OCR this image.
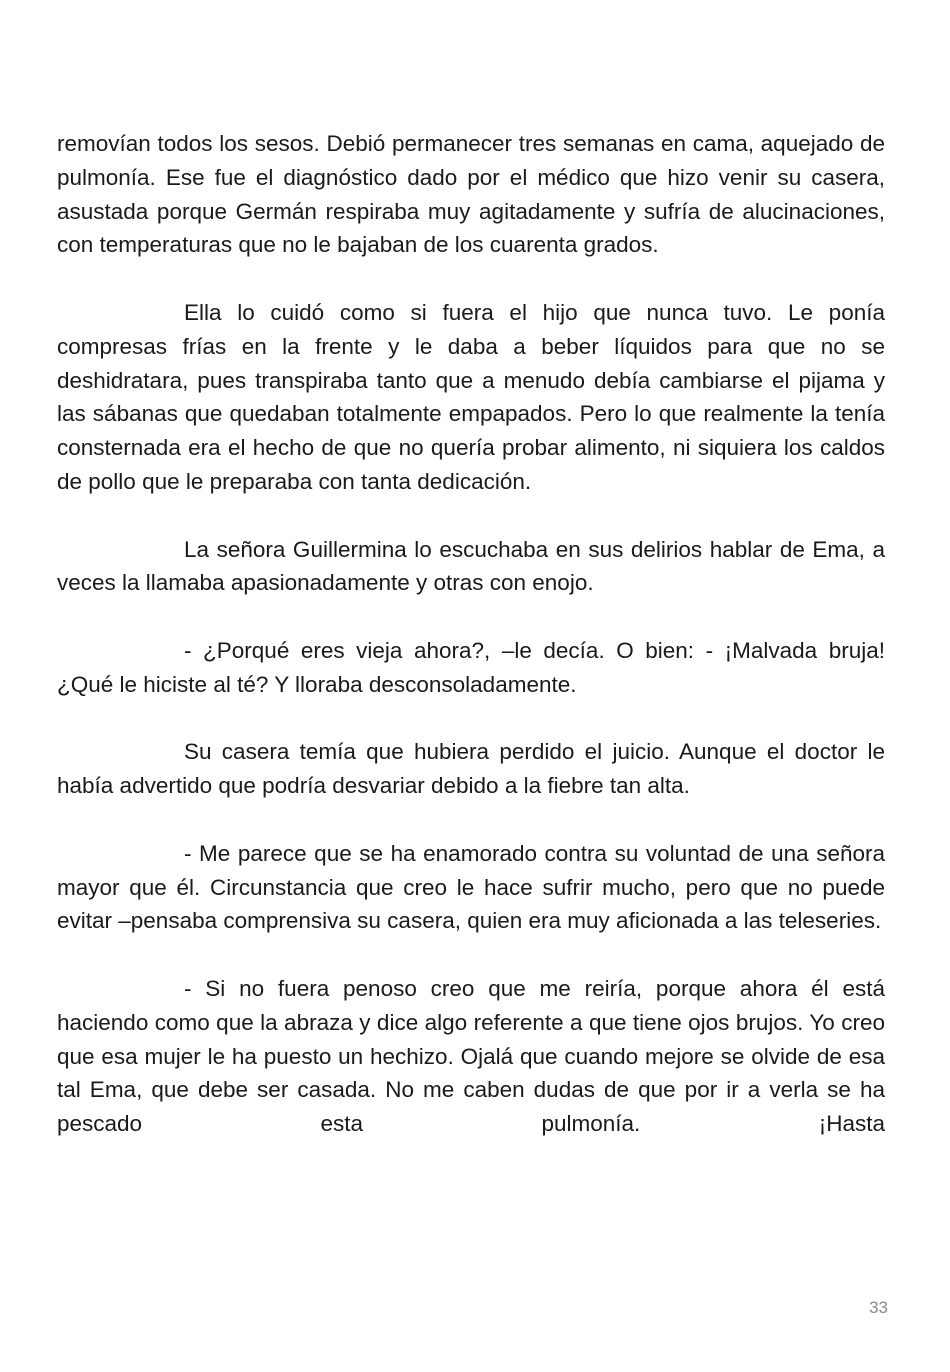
removían todos los sesos. Debió permanecer tres semanas en cama, aquejado de pulmonía. Ese fue el diagnóstico dado por el médico que hizo venir su casera, asustada porque Germán respiraba muy agitadamente y sufría de alucinaciones, con temperaturas que no le bajaban de los cuarenta grados.

Ella lo cuidó como si fuera el hijo que nunca tuvo. Le ponía compresas frías en la frente y le daba a beber líquidos para que no se deshidratara, pues transpiraba tanto que a menudo debía cambiarse el pijama y las sábanas que quedaban totalmente empapados. Pero lo que realmente la tenía consternada era el hecho de que no quería probar alimento, ni siquiera los caldos de pollo que le preparaba con tanta dedicación.

La señora Guillermina lo escuchaba en sus delirios hablar de Ema, a veces la llamaba apasionadamente y otras con enojo.

- ¿Porqué eres vieja ahora?, –le decía. O bien: - ¡Malvada bruja! ¿Qué le hiciste al té? Y lloraba desconsoladamente.

Su casera temía que hubiera perdido el juicio. Aunque el doctor le había advertido que podría desvariar debido a la fiebre tan alta.

- Me parece que se ha enamorado contra su voluntad de una señora mayor que él. Circunstancia que creo le hace sufrir mucho, pero que no puede evitar –pensaba comprensiva su casera, quien era muy aficionada a las teleseries.

- Si no fuera penoso creo que me reiría, porque ahora él está haciendo como que la abraza y dice algo referente a que tiene ojos brujos. Yo creo que esa mujer le ha puesto un hechizo. Ojalá que cuando mejore se olvide de esa tal Ema, que debe ser casada. No me caben dudas de que por ir a verla se ha pescado esta pulmonía. ¡Hasta

33
